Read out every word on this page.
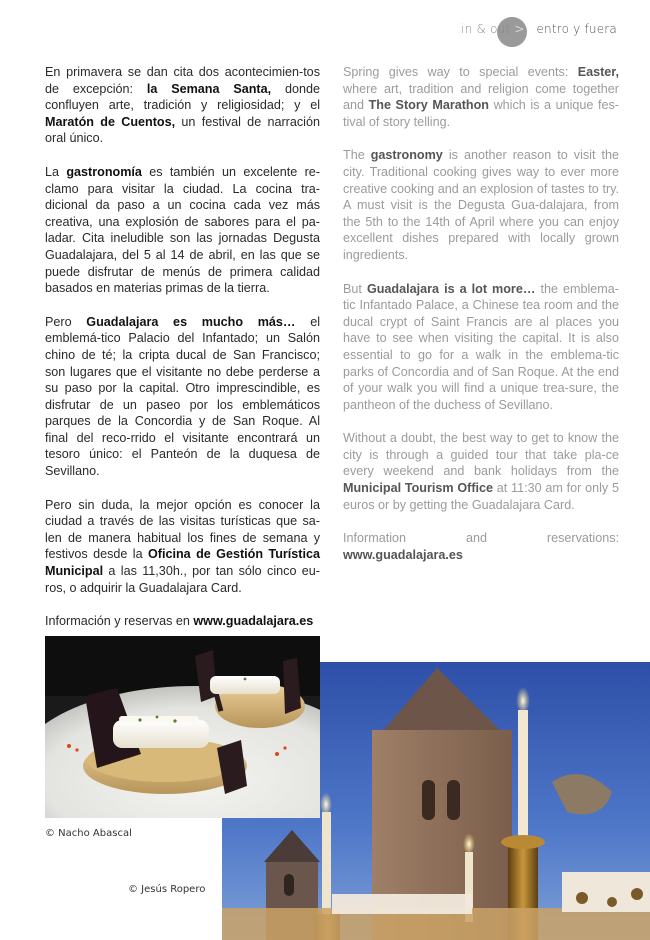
in & out > dentro y fuera

En primavera se dan cita dos acontecimien-tos de excepción: la Semana Santa, donde confluyen arte, tradición y religiosidad; y el Maratón de Cuentos, un festival de narración oral único.

La gastronomía es también un excelente re-clamo para visitar la ciudad. La cocina tra-dicional da paso a un cocina cada vez más creativa, una explosión de sabores para el pa-ladar. Cita ineludible son las jornadas Degusta Guadalajara, del 5 al 14 de abril, en las que se puede disfrutar de menús de primera calidad basados en materias primas de la tierra.

Pero Guadalajara es mucho más… el emblemá-tico Palacio del Infantado; un Salón chino de té; la cripta ducal de San Francisco; son lugares que el visitante no debe perderse a su paso por la capital. Otro imprescindible, es disfrutar de un paseo por los emblemáticos parques de la Concordia y de San Roque. Al final del reco-rrido el visitante encontrará un tesoro único: el Panteón de la duquesa de Sevillano.

Pero sin duda, la mejor opción es conocer la ciudad a través de las visitas turísticas que sa-len de manera habitual los fines de semana y festivos desde la Oficina de Gestión Turística Municipal a las 11,30h., por tan sólo cinco eu-ros, o adquirir la Guadalajara Card.

Información y reservas en www.guadalajara.es

Spring gives way to special events: Easter, where art, tradition and religion come together and The Story Marathon which is a unique fes-tival of story telling.

The gastronomy is another reason to visit the city. Traditional cooking gives way to ever more creative cooking and an explosion of tastes to try. A must visit is the Degusta Gua-dalajara, from the 5th to the 14th of April where you can enjoy excellent dishes prepared with locally grown ingredients.

But Guadalajara is a lot more… the emblema-tic Infantado Palace, a Chinese tea room and the ducal crypt of Saint Francis are al places you have to see when visiting the capital. It is also essential to go for a walk in the emblema-tic parks of Concordia and of San Roque. At the end of your walk you will find a unique trea-sure, the pantheon of the duchess of Sevillano.

Without a doubt, the best way to get to know the city is through a guided tour that take pla-ce every weekend and bank holidays from the Municipal Tourism Office at 11:30 am for only 5 euros or by getting the Guadalajara Card.

Information and reservations: www.guadalajara.es

© Nacho Abascal
© Jesús Ropero
